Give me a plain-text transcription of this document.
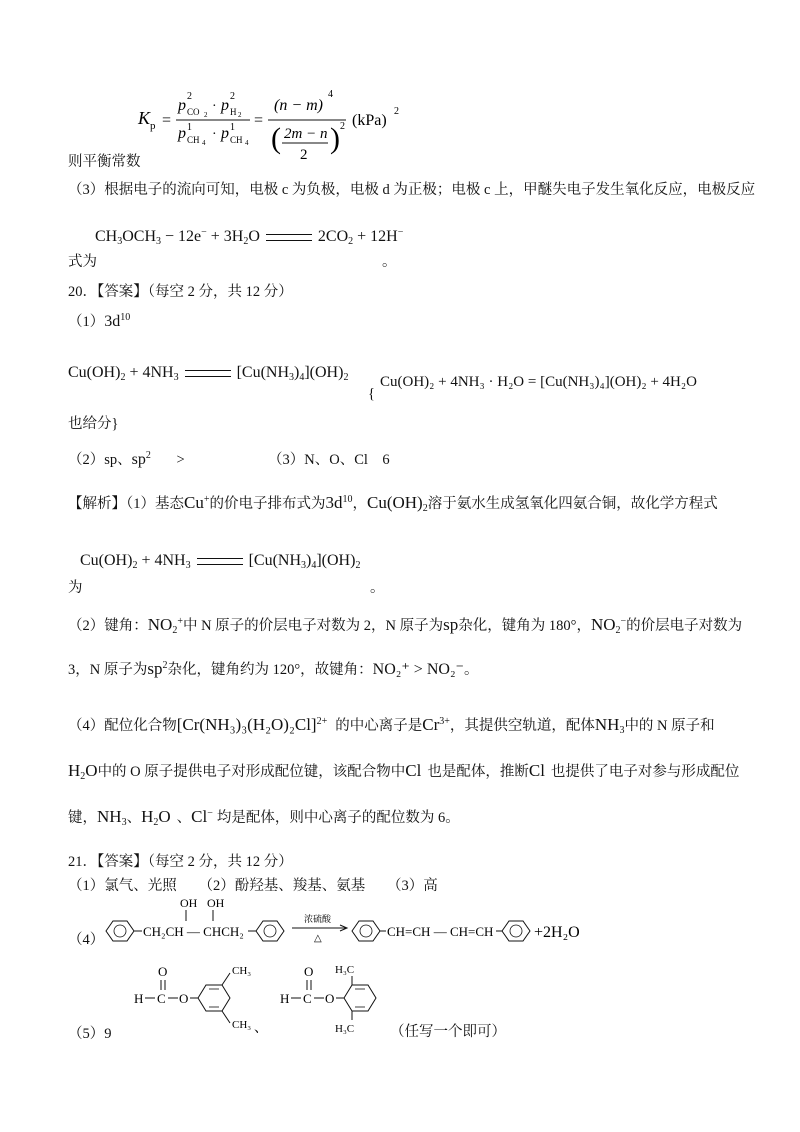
K p =
p
2
CO 2
· p
2
H 2
p 1
CH 4
· p 1
CH 4
=
(n − m)
4
( 2m − n
2 ) 2 (kPa)
2
则平衡常数
（3）根据电子的流向可知，电极 c 为负极，电极 d 为正极；电极 c 上，甲醚失电子发生氧化反应，电极反应
$CH_3OCH_3 - 12e^- + 3H_2O$	$2CO_2 + 12H^-$
式为	。
20．【答案】（每空 2 分，共 12 分）
$(1)3d^{10}$
$Cu(OH)_2 + 4NH_3$	$[Cu(NH_3)_4](OH)_2$
{
Cu(OH)₂ + 4NH₃ · H₂O = [Cu(NH₃)₄](OH)₂ + 4H₂O
也给分}
（2）sp、$sp^2$ >	（3）N、O、Cl　6
【解析】（1）基态Cu+的价电子排布式为$3d^{10}$，$Cu(OH)_2$溶于氨水生成氢氧化四氨合铜，故化学方程式
$Cu(OH)_2 + 4NH_3$	$[Cu(NH_3)_4](OH)_2$
为	。
（2）键角：$NO_2^+$中 N 原子的价层电子对数为 2，N 原子为sp杂化，键角为 180°，$NO_2^-$的价层电子对数为
3，N 原子为$sp^2$杂化，键角约为 120°，故键角：NO₂⁺ > NO₂⁻。
（4）配位化合物$[Cr(NH_3)_3(H_2O)_2Cl]^{2+}$ 的中心离子是$Cr^{3+}$，其提供空轨道，配体$NH_3$中的 N 原子和
$H_2O$中的 O 原子提供电子对形成配位键，该配合物中Cl 也是配体，推断Cl 也提供了电子对参与形成配位
键，$NH_3$、$H_2O$ 、Cl− 均是配体，则中心离子的配位数为 6。
21．【答案】（每空 2 分，共 12 分）
（1）氯气、光照　　（2）酚羟基、羧基、氨基　　（3）高
（4）
CH₂CH — CHCH₂
OH OH
浓硫酸
△	CH=CH — CH=CH	+2H₂O
（5）9
H C
O
O
CH₃
CH₃ 、
H C
O
O
H₃C
H₃C （任写一个即可）
